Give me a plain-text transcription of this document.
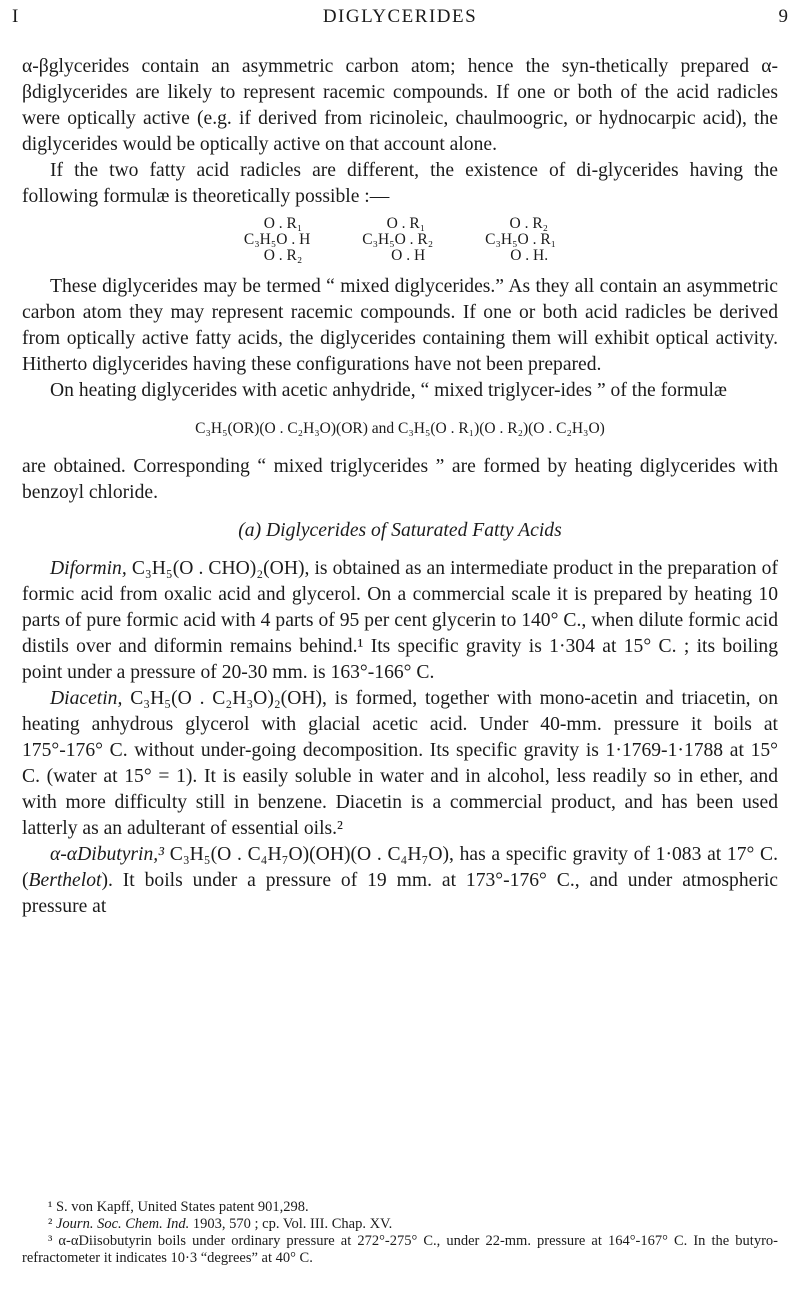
I	DIGLYCERIDES	9

α-βglycerides contain an asymmetric carbon atom; hence the syn-thetically prepared α-βdiglycerides are likely to represent racemic compounds. If one or both of the acid radicles were optically active (e.g. if derived from ricinoleic, chaulmoogric, or hydnocarpic acid), the diglycerides would be optically active on that account alone.

If the two fatty acid radicles are different, the existence of di-glycerides having the following formulæ is theoretically possible :—

O . R₁
C₃H₅O . H
O . R₂
O . R₁
C₃H₅O . R₂
O . H
O . R₂
C₃H₅O . R₁
O . H.

These diglycerides may be termed “ mixed diglycerides.” As they all contain an asymmetric carbon atom they may represent racemic compounds. If one or both acid radicles be derived from optically active fatty acids, the diglycerides containing them will exhibit optical activity. Hitherto diglycerides having these configurations have not been prepared.

On heating diglycerides with acetic anhydride, “ mixed triglycer-ides ” of the formulæ

C₃H₅(OR)(O . C₂H₃O)(OR) and C₃H₅(O . R₁)(O . R₂)(O . C₂H₃O)

are obtained. Corresponding “ mixed triglycerides ” are formed by heating diglycerides with benzoyl chloride.

(a) Diglycerides of Saturated Fatty Acids

Diformin, C₃H₅(O . CHO)₂(OH), is obtained as an intermediate product in the preparation of formic acid from oxalic acid and glycerol. On a commercial scale it is prepared by heating 10 parts of pure formic acid with 4 parts of 95 per cent glycerin to 140° C., when dilute formic acid distils over and diformin remains behind.¹ Its specific gravity is 1·304 at 15° C. ; its boiling point under a pressure of 20-30 mm. is 163°-166° C.

Diacetin, C₃H₅(O . C₂H₃O)₂(OH), is formed, together with mono-acetin and triacetin, on heating anhydrous glycerol with glacial acetic acid. Under 40-mm. pressure it boils at 175°-176° C. without under-going decomposition. Its specific gravity is 1·1769-1·1788 at 15° C. (water at 15° = 1). It is easily soluble in water and in alcohol, less readily so in ether, and with more difficulty still in benzene. Diacetin is a commercial product, and has been used latterly as an adulterant of essential oils.²

α-αDibutyrin,³ C₃H₅(O . C₄H₇O)(OH)(O . C₄H₇O), has a specific gravity of 1·083 at 17° C. (Berthelot). It boils under a pressure of 19 mm. at 173°-176° C., and under atmospheric pressure at

¹ S. von Kapff, United States patent 901,298.

² Journ. Soc. Chem. Ind. 1903, 570 ; cp. Vol. III. Chap. XV.

³ α-αDiisobutyrin boils under ordinary pressure at 272°-275° C., under 22-mm. pressure at 164°-167° C. In the butyro-refractometer it indicates 10·3 “degrees” at 40° C.
